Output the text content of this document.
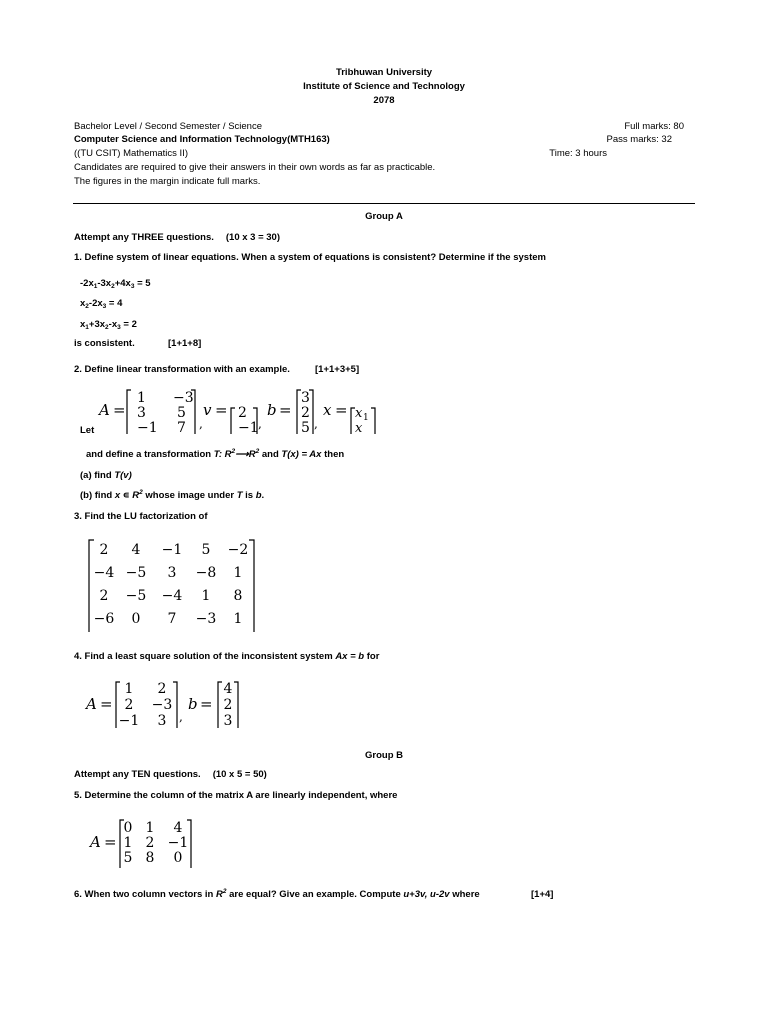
Tribhuwan University
Institute of Science and Technology
2078
Bachelor Level / Second Semester / Science
Computer Science and Information Technology(MTH163)
((TU CSIT) Mathematics II)
Candidates are required to give their answers in their own words as far as practicable.
The figures in the margin indicate full marks.
Full marks: 80
Pass marks: 32
Time: 3 hours
Group A
Attempt any THREE questions. (10 x 3 = 30)
1. Define system of linear equations. When a system of equations is consistent? Determine if the system
$-2x_1-3x_2+4x_3 = 5$
$x_2-2x_3 = 4$
$x_1+3x_2-x_3 = 2$
is consistent.	[1+1+8]
2. Define linear transformation with an example.	[1+1+3+5]
A =
1 −3
3 5
−1 7 ,
v = 2
−1 ,
b =
3
2
5 ,
x = x 1
x
Let
and define a transformation T: $R^2⟶R^2$ and T(x) = Ax then
(a) find T(v)
(b) find x ∊ $R^2$ whose image under T is b.
3. Find the LU factorization of
2 4 −1 5 −2
−4 −5 3 −8 1
2 −5 −4 1 8
−6 0 7 −3 1
4. Find a least square solution of the inconsistent system Ax = b for
A =
1 2
2 −3
−1 3 ,
b =
4
2
3
Group B
Attempt any TEN questions. (10 x 5 = 50)
5. Determine the column of the matrix A are linearly independent, where
A =
0 1 4
1 2 −1
5 8 0
6. When two column vectors in $R^2$ are equal? Give an example. Compute u+3v, u-2v where	[1+4]
